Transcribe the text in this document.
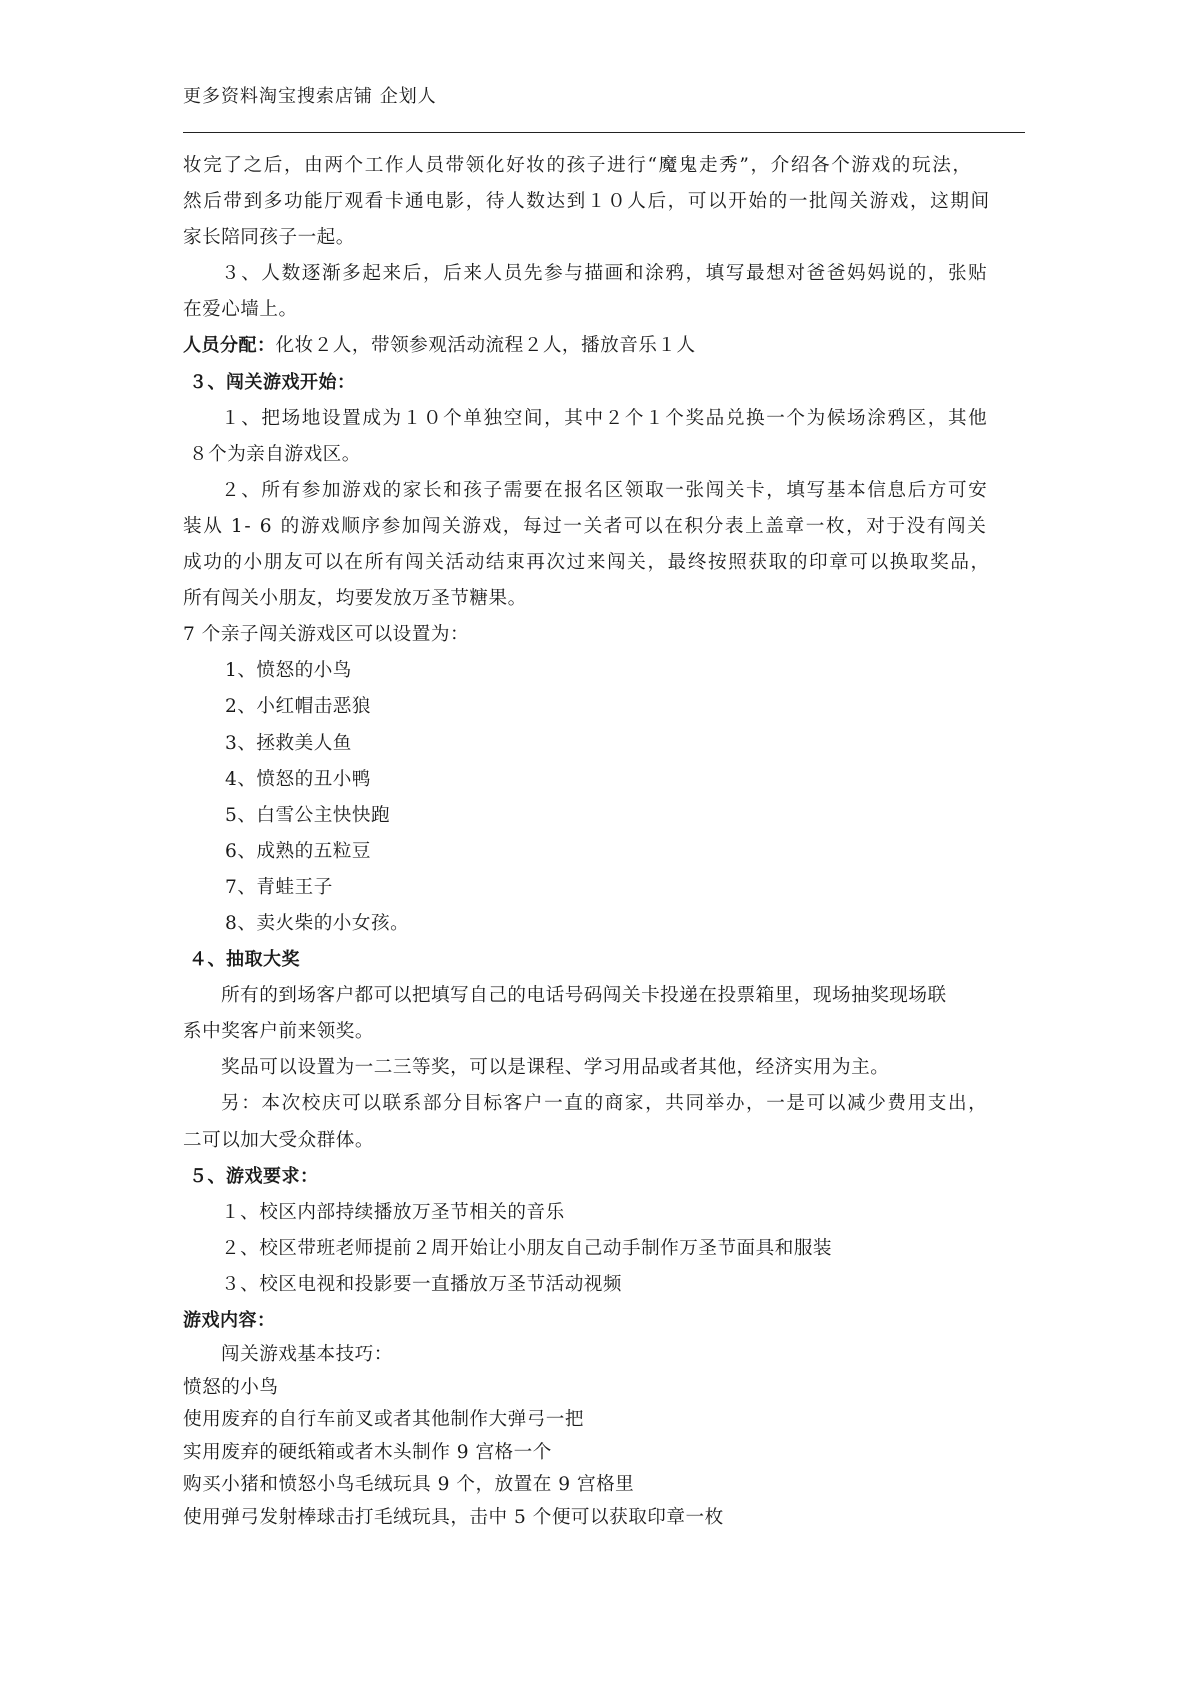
更多资料淘宝搜索店铺 企划人
妆完了之后，由两个工作人员带领化好妆的孩子进行“魔鬼走秀”，介绍各个游戏的玩法，
然后带到多功能厅观看卡通电影，待人数达到１０人后，可以开始的一批闯关游戏，这期间
家长陪同孩子一起。
３、人数逐渐多起来后，后来人员先参与描画和涂鸦，填写最想对爸爸妈妈说的，张贴
在爱心墙上。
人员分配：化妆２人，带领参观活动流程２人，播放音乐１人
３、闯关游戏开始：
１、把场地设置成为１０个单独空间，其中２个１个奖品兑换一个为候场涂鸦区，其他
８个为亲自游戏区。
２、所有参加游戏的家长和孩子需要在报名区领取一张闯关卡，填写基本信息后方可安
装从 1- 6 的游戏顺序参加闯关游戏，每过一关者可以在积分表上盖章一枚，对于没有闯关
成功的小朋友可以在所有闯关活动结束再次过来闯关，最终按照获取的印章可以换取奖品，
所有闯关小朋友，均要发放万圣节糖果。
7 个亲子闯关游戏区可以设置为：
1、愤怒的小鸟
2、小红帽击恶狼
3、拯救美人鱼
4、愤怒的丑小鸭
5、白雪公主快快跑
6、成熟的五粒豆
7、青蛙王子
8、卖火柴的小女孩。
４、抽取大奖
所有的到场客户都可以把填写自己的电话号码闯关卡投递在投票箱里，现场抽奖现场联
系中奖客户前来领奖。
奖品可以设置为一二三等奖，可以是课程、学习用品或者其他，经济实用为主。
另：本次校庆可以联系部分目标客户一直的商家，共同举办，一是可以减少费用支出，
二可以加大受众群体。
５、游戏要求：
１、校区内部持续播放万圣节相关的音乐
２、校区带班老师提前２周开始让小朋友自己动手制作万圣节面具和服装
３、校区电视和投影要一直播放万圣节活动视频
游戏内容：
闯关游戏基本技巧：
愤怒的小鸟
使用废弃的自行车前叉或者其他制作大弹弓一把
实用废弃的硬纸箱或者木头制作 9 宫格一个
购买小猪和愤怒小鸟毛绒玩具 9 个，放置在 9 宫格里
使用弹弓发射棒球击打毛绒玩具，击中 5 个便可以获取印章一枚
